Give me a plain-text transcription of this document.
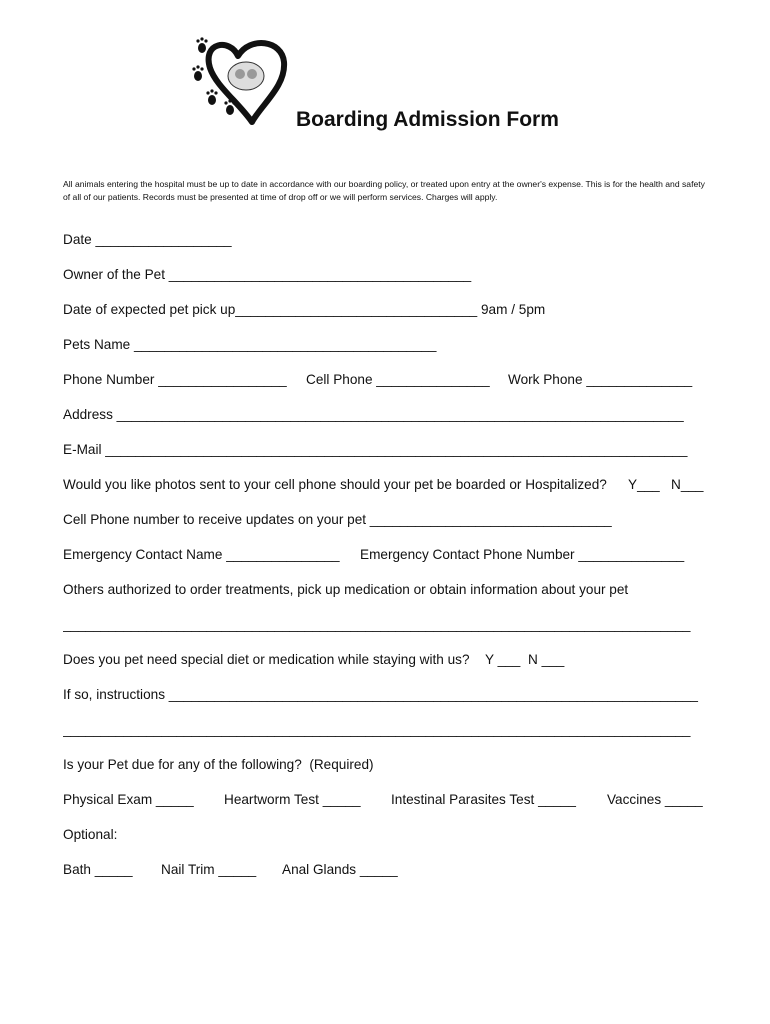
Boarding Admission Form

All animals entering the hospital must be up to date in accordance with our boarding policy, or treated upon entry at the owner's expense. This is for the health and safety of all of our patients. Records must be presented at time of drop off or we will perform services. Charges will apply.

Date __________________
Owner of the Pet ________________________________________
Date of expected pet pick up________________________________ 9am / 5pm
Pets Name ________________________________________
Phone Number _________________ Cell Phone _______________ Work Phone ______________
Address ___________________________________________________________________________
E-Mail _____________________________________________________________________________
Would you like photos sent to your cell phone should your pet be boarded or Hospitalized? Y___ N___
Cell Phone number to receive updates on your pet ________________________________
Emergency Contact Name _______________ Emergency Contact Phone Number ______________
Others authorized to order treatments, pick up medication or obtain information about your pet
___________________________________________________________________________________
Does you pet need special diet or medication while staying with us? Y ___ N ___
If so, instructions ______________________________________________________________________
___________________________________________________________________________________
Is your Pet due for any of the following?  (Required)
Physical Exam _____ Heartworm Test _____ Intestinal Parasites Test _____ Vaccines _____
Optional:
Bath _____ Nail Trim _____ Anal Glands _____
